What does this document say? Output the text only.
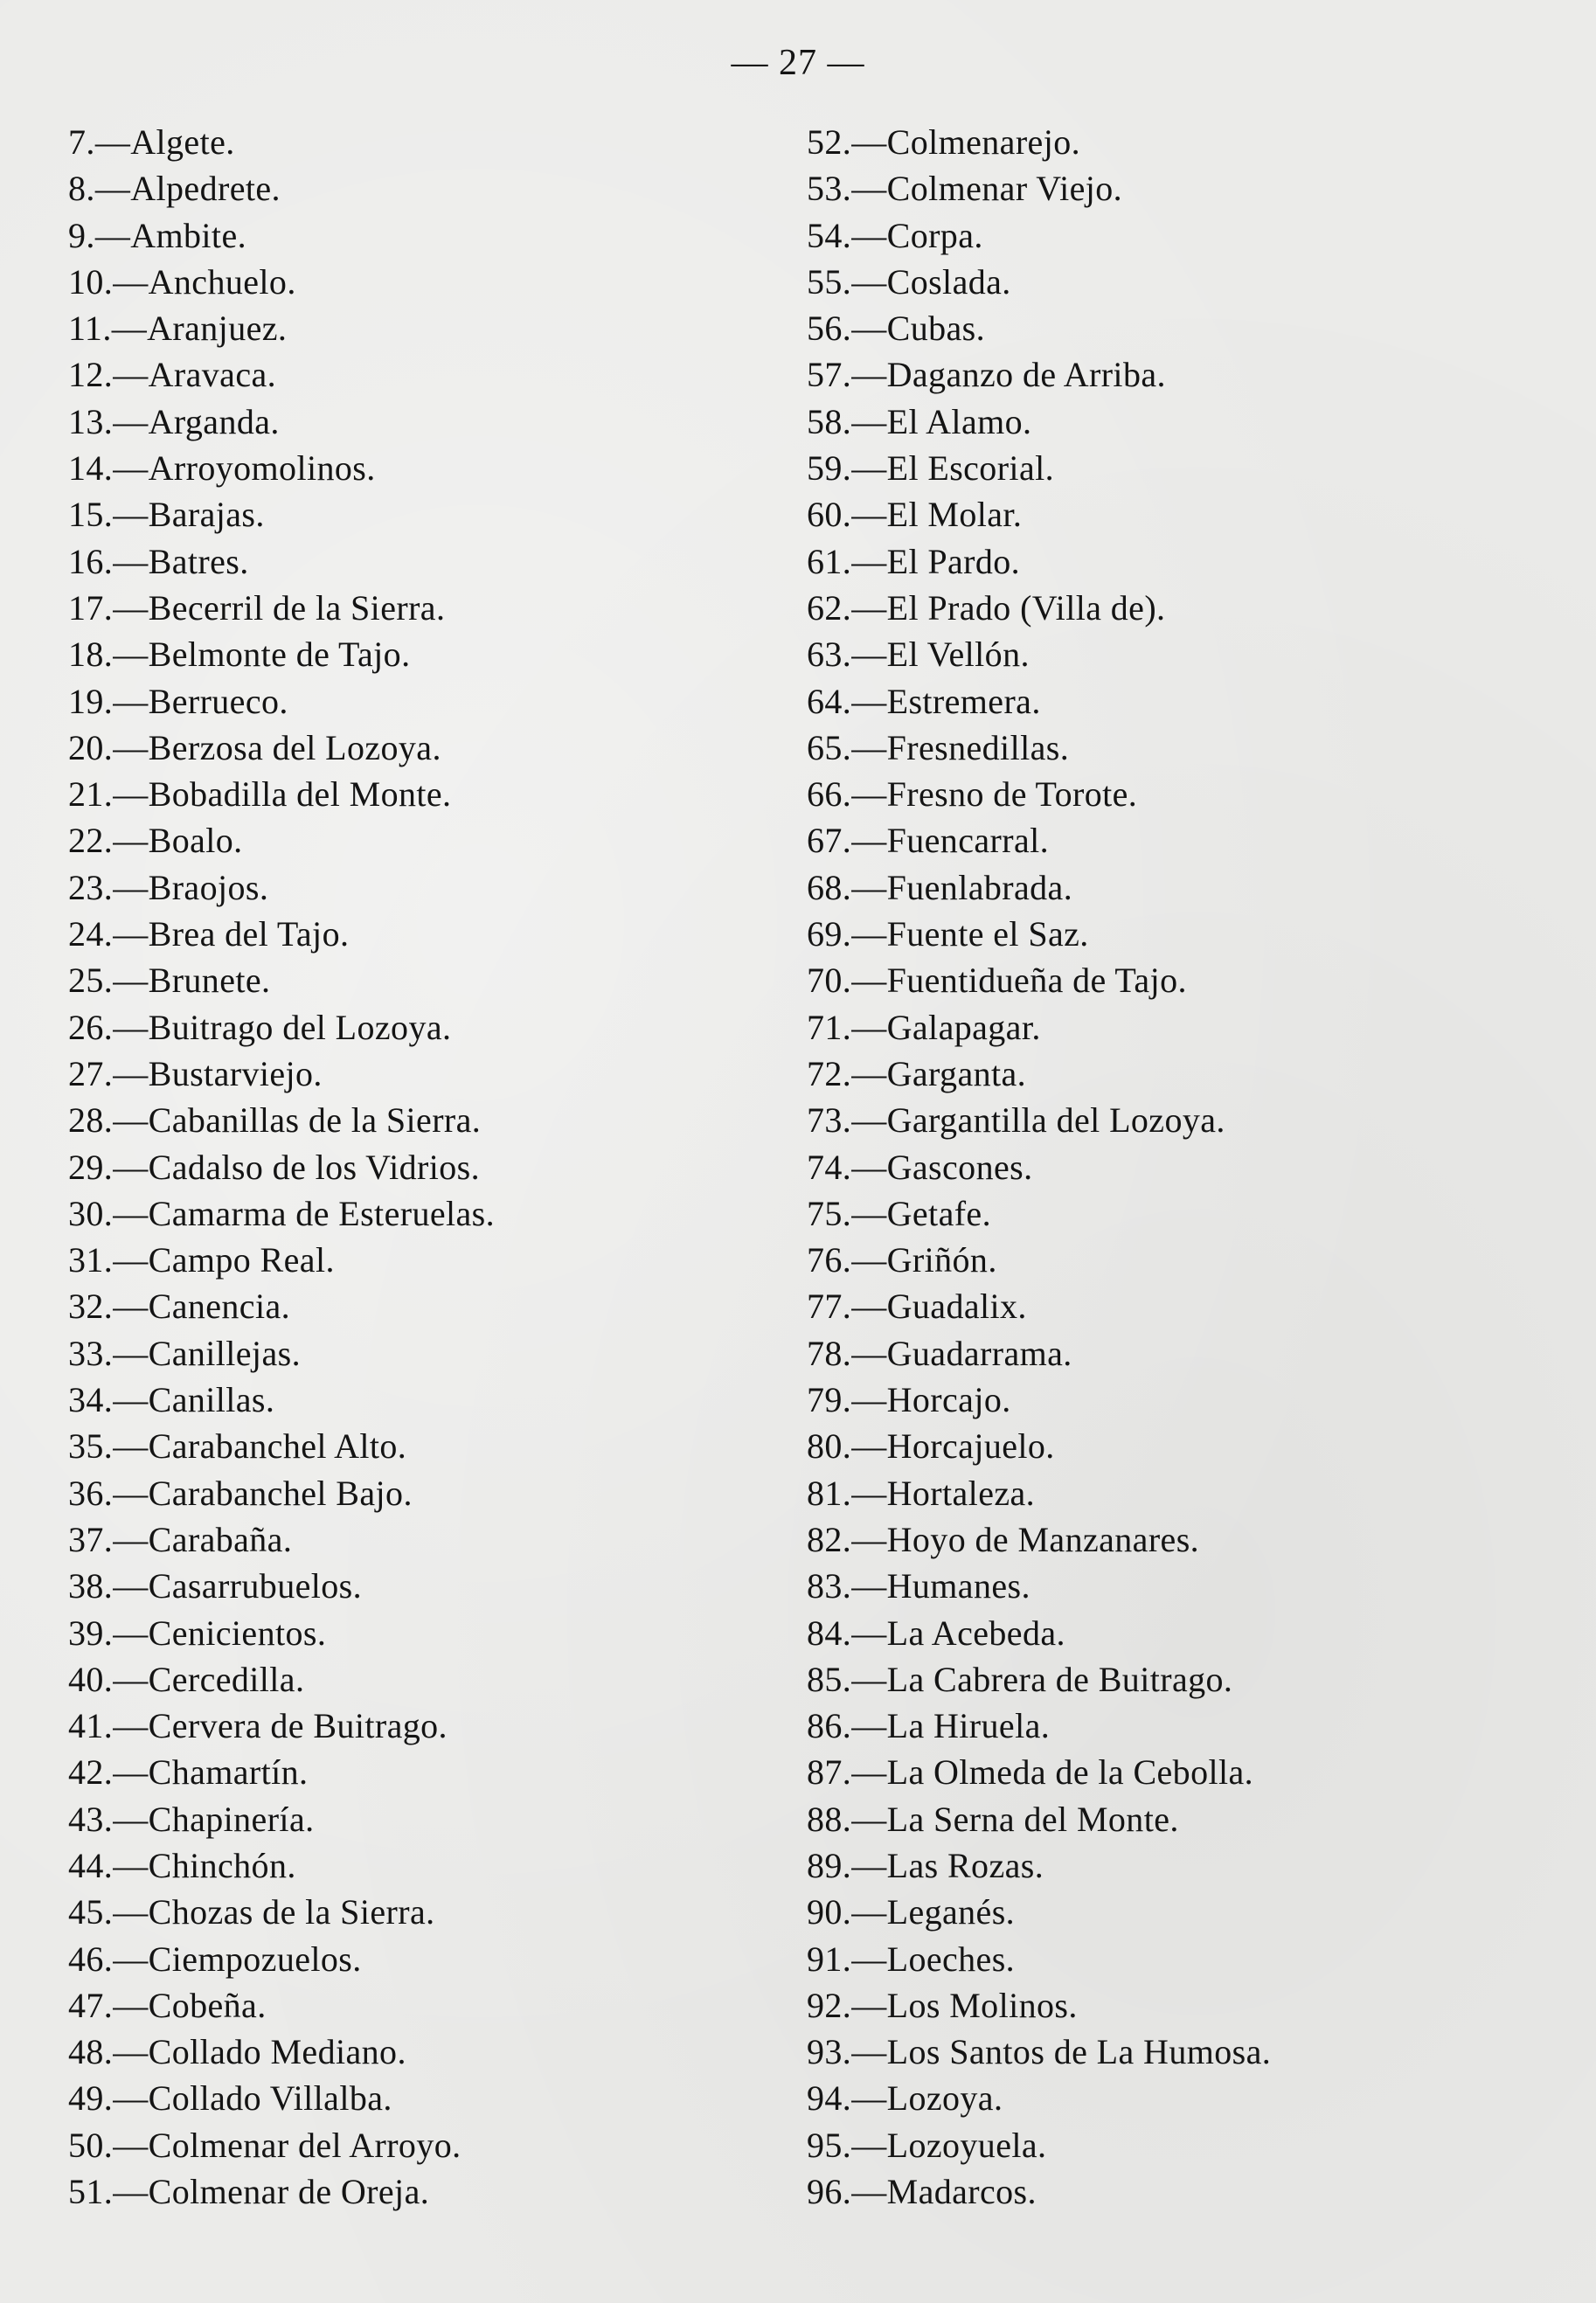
— 27 —
7.—Algete.
8.—Alpedrete.
9.—Ambite.
10.—Anchuelo.
11.—Aranjuez.
12.—Aravaca.
13.—Arganda.
14.—Arroyomolinos.
15.—Barajas.
16.—Batres.
17.—Becerril de la Sierra.
18.—Belmonte de Tajo.
19.—Berrueco.
20.—Berzosa del Lozoya.
21.—Bobadilla del Monte.
22.—Boalo.
23.—Braojos.
24.—Brea del Tajo.
25.—Brunete.
26.—Buitrago del Lozoya.
27.—Bustarviejo.
28.—Cabanillas de la Sierra.
29.—Cadalso de los Vidrios.
30.—Camarma de Esteruelas.
31.—Campo Real.
32.—Canencia.
33.—Canillejas.
34.—Canillas.
35.—Carabanchel Alto.
36.—Carabanchel Bajo.
37.—Carabaña.
38.—Casarrubuelos.
39.—Cenicientos.
40.—Cercedilla.
41.—Cervera de Buitrago.
42.—Chamartín.
43.—Chapinería.
44.—Chinchón.
45.—Chozas de la Sierra.
46.—Ciempozuelos.
47.—Cobeña.
48.—Collado Mediano.
49.—Collado Villalba.
50.—Colmenar del Arroyo.
51.—Colmenar de Oreja.
52.—Colmenarejo.
53.—Colmenar Viejo.
54.—Corpa.
55.—Coslada.
56.—Cubas.
57.—Daganzo de Arriba.
58.—El Alamo.
59.—El Escorial.
60.—El Molar.
61.—El Pardo.
62.—El Prado (Villa de).
63.—El Vellón.
64.—Estremera.
65.—Fresnedillas.
66.—Fresno de Torote.
67.—Fuencarral.
68.—Fuenlabrada.
69.—Fuente el Saz.
70.—Fuentidueña de Tajo.
71.—Galapagar.
72.—Garganta.
73.—Gargantilla del Lozoya.
74.—Gascones.
75.—Getafe.
76.—Griñón.
77.—Guadalix.
78.—Guadarrama.
79.—Horcajo.
80.—Horcajuelo.
81.—Hortaleza.
82.—Hoyo de Manzanares.
83.—Humanes.
84.—La Acebeda.
85.—La Cabrera de Buitrago.
86.—La Hiruela.
87.—La Olmeda de la Cebolla.
88.—La Serna del Monte.
89.—Las Rozas.
90.—Leganés.
91.—Loeches.
92.—Los Molinos.
93.—Los Santos de La Humosa.
94.—Lozoya.
95.—Lozoyuela.
96.—Madarcos.
